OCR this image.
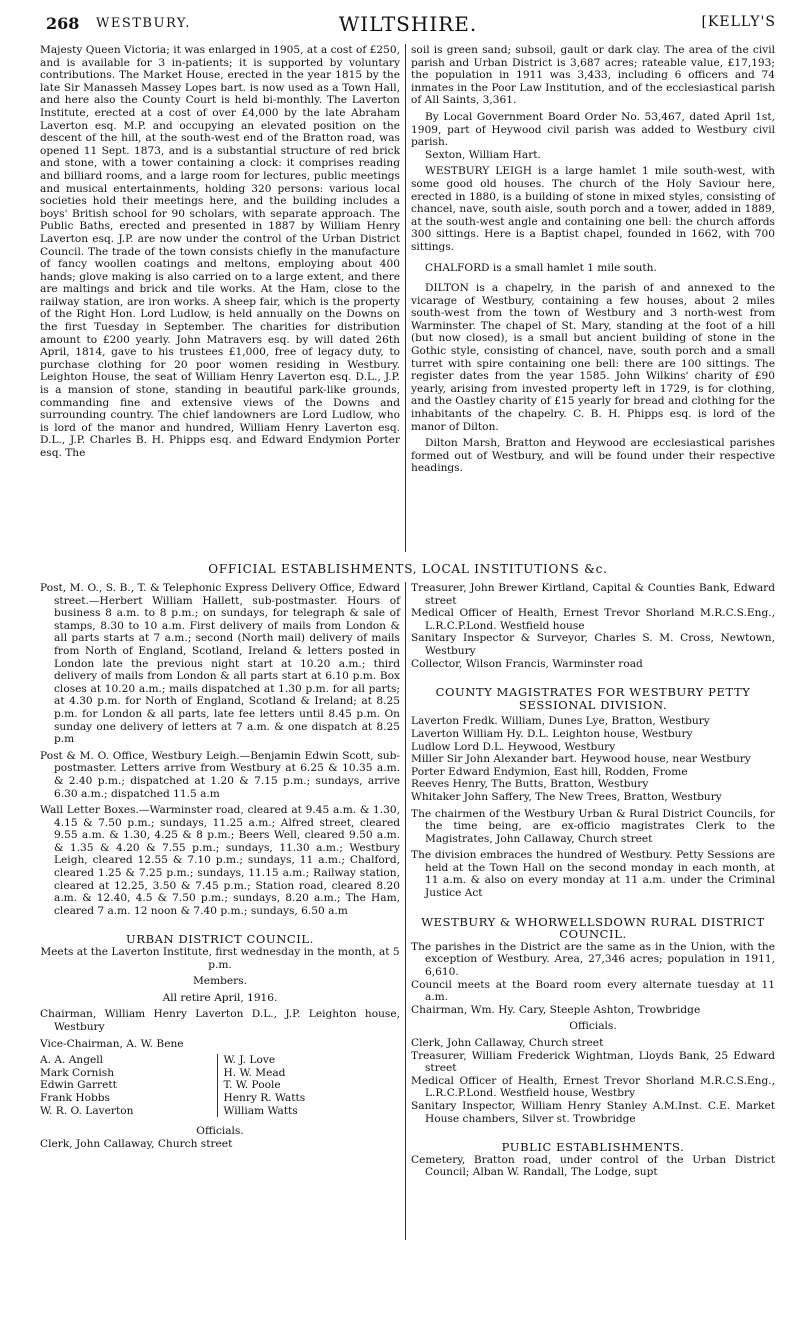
268 WESTBURY.	WILTSHIRE.	[KELLY'S

Majesty Queen Victoria; it was enlarged in 1905, at a cost of £250, and is available for 3 in-patients; it is supported by voluntary contributions. The Market House, erected in the year 1815 by the late Sir Manasseh Massey Lopes bart. is now used as a Town Hall, and here also the County Court is held bi-monthly. The Laverton Institute, erected at a cost of over £4,000 by the late Abraham Laverton esq. M.P. and occupying an elevated position on the descent of the hill, at the south-west end of the Bratton road, was opened 11 Sept. 1873, and is a substantial structure of red brick and stone, with a tower containing a clock: it comprises reading and billiard rooms, and a large room for lectures, public meetings and musical entertainments, holding 320 persons: various local societies hold their meetings here, and the building includes a boys' British school for 90 scholars, with separate approach. The Public Baths, erected and presented in 1887 by William Henry Laverton esq. J.P. are now under the control of the Urban District Council. The trade of the town consists chiefly in the manufacture of fancy woollen coatings and meltons, employing about 400 hands; glove making is also carried on to a large extent, and there are maltings and brick and tile works. At the Ham, close to the railway station, are iron works. A sheep fair, which is the property of the Right Hon. Lord Ludlow, is held annually on the Downs on the first Tuesday in September. The charities for distribution amount to £200 yearly. John Matravers esq. by will dated 26th April, 1814, gave to his trustees £1,000, free of legacy duty, to purchase clothing for 20 poor women residing in Westbury. Leighton House, the seat of William Henry Laverton esq. D.L., J.P. is a mansion of stone, standing in beautiful park-like grounds, commanding fine and extensive views of the Downs and surrounding country. The chief landowners are Lord Ludlow, who is lord of the manor and hundred, William Henry Laverton esq. D.L., J.P. Charles B. H. Phipps esq. and Edward Endymion Porter esq. The

soil is green sand; subsoil, gault or dark clay. The area of the civil parish and Urban District is 3,687 acres; rateable value, £17,193; the population in 1911 was 3,433, including 6 officers and 74 inmates in the Poor Law Institution, and of the ecclesiastical parish of All Saints, 3,361.

By Local Government Board Order No. 53,467, dated April 1st, 1909, part of Heywood civil parish was added to Westbury civil parish.

Sexton, William Hart.

WESTBURY LEIGH is a large hamlet 1 mile south-west, with some good old houses. The church of the Holy Saviour here, erected in 1880, is a building of stone in mixed styles, consisting of chancel, nave, south aisle, south porch and a tower, added in 1889, at the south-west angle and containing one bell: the church affords 300 sittings. Here is a Baptist chapel, founded in 1662, with 700 sittings.

CHALFORD is a small hamlet 1 mile south.

DILTON is a chapelry, in the parish of and annexed to the vicarage of Westbury, containing a few houses, about 2 miles south-west from the town of Westbury and 3 north-west from Warminster. The chapel of St. Mary, standing at the foot of a hill (but now closed), is a small but ancient building of stone in the Gothic style, consisting of chancel, nave, south porch and a small turret with spire containing one bell: there are 100 sittings. The register dates from the year 1585. John Wilkins' charity of £90 yearly, arising from invested property left in 1729, is for clothing, and the Oastley charity of £15 yearly for bread and clothing for the inhabitants of the chapelry. C. B. H. Phipps esq. is lord of the manor of Dilton.

Dilton Marsh, Bratton and Heywood are ecclesiastical parishes formed out of Westbury, and will be found under their respective headings.

OFFICIAL ESTABLISHMENTS, LOCAL INSTITUTIONS &c.

Post, M. O., S. B., T. & Telephonic Express Delivery Office, Edward street.—Herbert William Hallett, sub-postmaster. Hours of business 8 a.m. to 8 p.m.; on sundays, for telegraph & sale of stamps, 8.30 to 10 a.m. First delivery of mails from London & all parts starts at 7 a.m.; second (North mail) delivery of mails from North of England, Scotland, Ireland & letters posted in London late the previous night start at 10.20 a.m.; third delivery of mails from London & all parts start at 6.10 p.m. Box closes at 10.20 a.m.; mails dispatched at 1.30 p.m. for all parts; at 4.30 p.m. for North of England, Scotland & Ireland; at 8.25 p.m. for London & all parts, late fee letters until 8.45 p.m. On sunday one delivery of letters at 7 a.m. & one dispatch at 8.25 p.m

Post & M. O. Office, Westbury Leigh.—Benjamin Edwin Scott, sub-postmaster. Letters arrive from Westbury at 6.25 & 10.35 a.m. & 2.40 p.m.; dispatched at 1.20 & 7.15 p.m.; sundays, arrive 6.30 a.m.; dispatched 11.5 a.m

Wall Letter Boxes.—Warminster road, cleared at 9.45 a.m. & 1.30, 4.15 & 7.50 p.m.; sundays, 11.25 a.m.; Alfred street, cleared 9.55 a.m. & 1.30, 4.25 & 8 p.m.; Beers Well, cleared 9.50 a.m. & 1.35 & 4.20 & 7.55 p.m.; sundays, 11.30 a.m.; Westbury Leigh, cleared 12.55 & 7.10 p.m.; sundays, 11 a.m.; Chalford, cleared 1.25 & 7.25 p.m.; sundays, 11.15 a.m.; Railway station, cleared at 12.25, 3.50 & 7.45 p.m.; Station road, cleared 8.20 a.m. & 12.40, 4.5 & 7.50 p.m.; sundays, 8.20 a.m.; The Ham, cleared 7 a.m. 12 noon & 7.40 p.m.; sundays, 6.50 a.m

URBAN DISTRICT COUNCIL.

Meets at the Laverton Institute, first wednesday in the month, at 5 p.m.

Members.

All retire April, 1916.

Chairman, William Henry Laverton D.L., J.P. Leighton house, Westbury

Vice-Chairman, A. W. Bene

A. A. Angell

Mark Cornish

Edwin Garrett

Frank Hobbs

W. R. O. Laverton

W. J. Love

H. W. Mead

T. W. Poole

Henry R. Watts

William Watts

Officials.

Clerk, John Callaway, Church street

Treasurer, John Brewer Kirtland, Capital & Counties Bank, Edward street

Medical Officer of Health, Ernest Trevor Shorland M.R.C.S.Eng., L.R.C.P.Lond. Westfield house

Sanitary Inspector & Surveyor, Charles S. M. Cross, Newtown, Westbury

Collector, Wilson Francis, Warminster road

COUNTY MAGISTRATES FOR WESTBURY PETTY SESSIONAL DIVISION.

Laverton Fredk. William, Dunes Lye, Bratton, Westbury

Laverton William Hy. D.L. Leighton house, Westbury

Ludlow Lord D.L. Heywood, Westbury

Miller Sir John Alexander bart. Heywood house, near Westbury

Porter Edward Endymion, East hill, Rodden, Frome

Reeves Henry, The Butts, Bratton, Westbury

Whitaker John Saffery, The New Trees, Bratton, Westbury

The chairmen of the Westbury Urban & Rural District Councils, for the time being, are ex-officio magistrates Clerk to the Magistrates, John Callaway, Church street

The division embraces the hundred of Westbury. Petty Sessions are held at the Town Hall on the second monday in each month, at 11 a.m. & also on every monday at 11 a.m. under the Criminal Justice Act

WESTBURY & WHORWELLSDOWN RURAL DISTRICT COUNCIL.

The parishes in the District are the same as in the Union, with the exception of Westbury. Area, 27,346 acres; population in 1911, 6,610.

Council meets at the Board room every alternate tuesday at 11 a.m.

Chairman, Wm. Hy. Cary, Steeple Ashton, Trowbridge

Officials.

Clerk, John Callaway, Church street

Treasurer, William Frederick Wightman, Lloyds Bank, 25 Edward street

Medical Officer of Health, Ernest Trevor Shorland M.R.C.S.Eng., L.R.C.P.Lond. Westfield house, Westbry

Sanitary Inspector, William Henry Stanley A.M.Inst. C.E. Market House chambers, Silver st. Trowbridge

PUBLIC ESTABLISHMENTS.

Cemetery, Bratton road, under control of the Urban District Council; Alban W. Randall, The Lodge, supt
